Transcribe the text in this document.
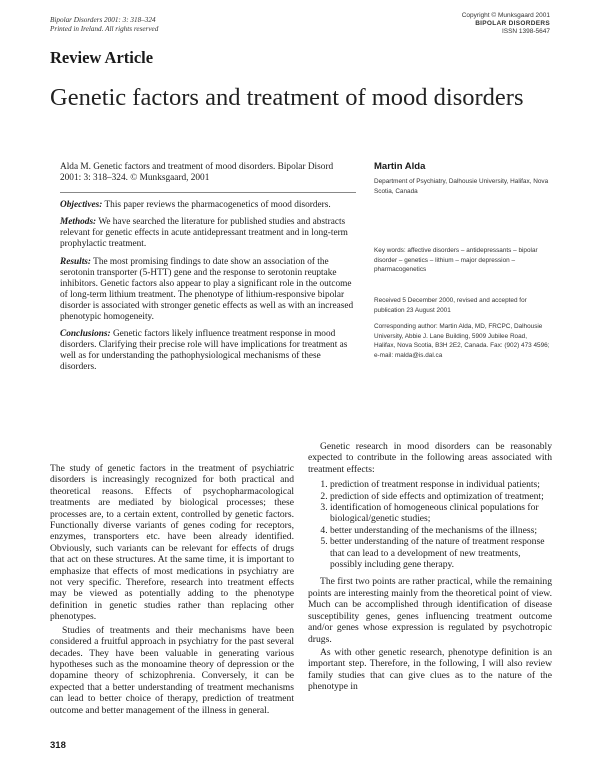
Bipolar Disorders 2001: 3: 318–324
Printed in Ireland. All rights reserved
Copyright © Munksgaard 2001
BIPOLAR DISORDERS
ISSN 1398-5647
Review Article
Genetic factors and treatment of mood disorders

Alda M. Genetic factors and treatment of mood disorders. Bipolar Disord 2001: 3: 318–324. © Munksgaard, 2001

Objectives: This paper reviews the pharmacogenetics of mood disorders.

Methods: We have searched the literature for published studies and abstracts relevant for genetic effects in acute antidepressant treatment and in long-term prophylactic treatment.

Results: The most promising findings to date show an association of the serotonin transporter (5-HTT) gene and the response to serotonin reuptake inhibitors. Genetic factors also appear to play a significant role in the outcome of long-term lithium treatment. The phenotype of lithium-responsive bipolar disorder is associated with stronger genetic effects as well as with an increased phenotypic homogeneity.

Conclusions: Genetic factors likely influence treatment response in mood disorders. Clarifying their precise role will have implications for treatment as well as for understanding the pathophysiological mechanisms of these disorders.

Martin Alda

Department of Psychiatry, Dalhousie University, Halifax, Nova Scotia, Canada

Key words: affective disorders – antidepressants – bipolar disorder – genetics – lithium – major depression – pharmacogenetics

Received 5 December 2000, revised and accepted for publication 23 August 2001

Corresponding author: Martin Alda, MD, FRCPC, Dalhousie University, Abbie J. Lane Building, 5909 Jubilee Road, Halifax, Nova Scotia, B3H 2E2, Canada. Fax: (902) 473 4596; e-mail: malda@is.dal.ca

The study of genetic factors in the treatment of psychiatric disorders is increasingly recognized for both practical and theoretical reasons. Effects of psychopharmacological treatments are mediated by biological processes; these processes are, to a certain extent, controlled by genetic factors. Functionally diverse variants of genes coding for receptors, enzymes, transporters etc. have been already identified. Obviously, such variants can be relevant for effects of drugs that act on these structures. At the same time, it is important to emphasize that effects of most medications in psychiatry are not very specific. Therefore, research into treatment effects may be viewed as potentially adding to the phenotype definition in genetic studies rather than replacing other phenotypes.

Studies of treatments and their mechanisms have been considered a fruitful approach in psychiatry for the past several decades. They have been valuable in generating various hypotheses such as the monoamine theory of depression or the dopamine theory of schizophrenia. Conversely, it can be expected that a better understanding of treatment mechanisms can lead to better choice of therapy, prediction of treatment outcome and better management of the illness in general.

Genetic research in mood disorders can be reasonably expected to contribute in the following areas associated with treatment effects:

1. prediction of treatment response in individual patients;
2. prediction of side effects and optimization of treatment;
3. identification of homogeneous clinical populations for biological/genetic studies;
4. better understanding of the mechanisms of the illness;
5. better understanding of the nature of treatment response that can lead to a development of new treatments, possibly including gene therapy.

The first two points are rather practical, while the remaining points are interesting mainly from the theoretical point of view. Much can be accomplished through identification of disease susceptibility genes, genes influencing treatment outcome and/or genes whose expression is regulated by psychotropic drugs.

As with other genetic research, phenotype definition is an important step. Therefore, in the following, I will also review family studies that can give clues as to the nature of the phenotype in

318
